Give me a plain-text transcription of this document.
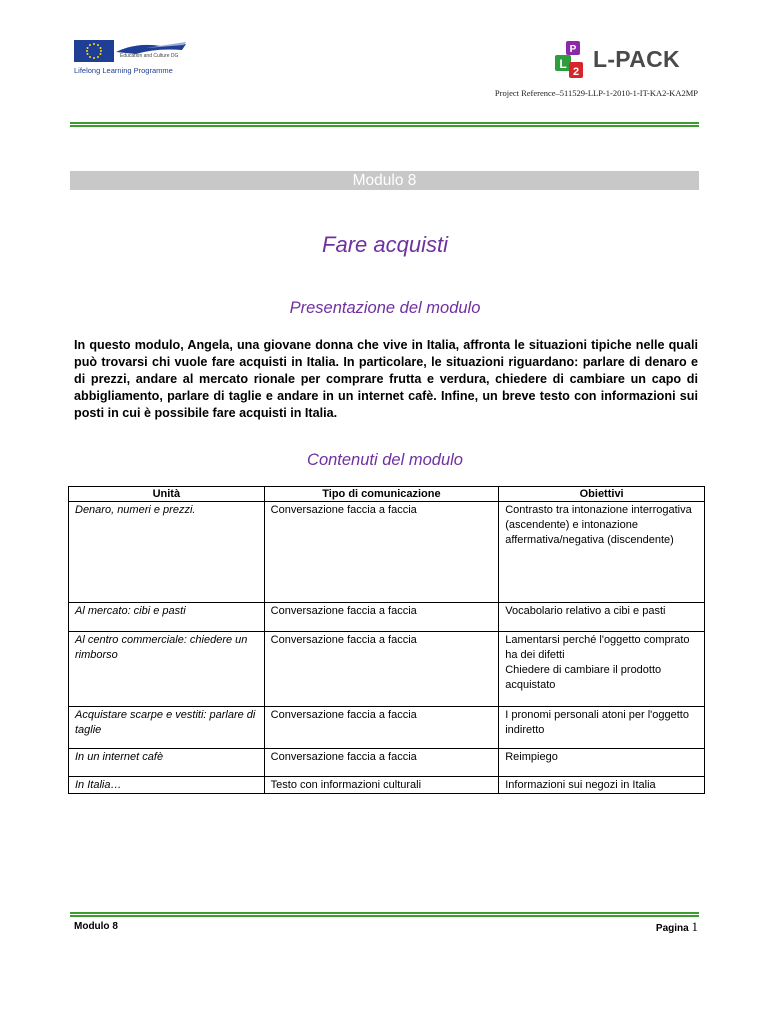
Education and Culture DG
Lifelong Learning Programme
P
L
2 L-PACK
Project Reference–511529-LLP-1-2010-1-IT-KA2-KA2MP
Modulo 8
Fare acquisti
Presentazione del modulo
In questo modulo, Angela, una giovane donna che vive in Italia, affronta le situazioni tipiche nelle quali può trovarsi chi vuole fare acquisti in Italia. In particolare, le situazioni riguardano: parlare di denaro e di prezzi, andare al mercato rionale per comprare frutta e verdura, chiedere di cambiare un capo di abbigliamento, parlare di taglie e andare in un internet cafè. Infine, un breve testo con informazioni sui posti in cui è possibile fare acquisti in Italia.
Contenuti del modulo
Unità	Tipo di comunicazione	Obiettivi
Denaro, numeri e prezzi.	Conversazione faccia a faccia	Contrasto tra intonazione interrogativa (ascendente) e intonazione affermativa/negativa (discendente)
Al mercato: cibi e pasti	Conversazione faccia a faccia	Vocabolario relativo a cibi e pasti
Al centro commerciale: chiedere un rimborso	Conversazione faccia a faccia	Lamentarsi perché l'oggetto comprato ha dei difetti
Chiedere di cambiare il prodotto acquistato
Acquistare scarpe e vestiti: parlare di taglie	Conversazione faccia a faccia	I pronomi personali atoni per l'oggetto indiretto
In un internet cafè	Conversazione faccia a faccia	Reimpiego
In Italia…	Testo con informazioni culturali	Informazioni sui negozi in Italia
Modulo 8	Pagina 1
